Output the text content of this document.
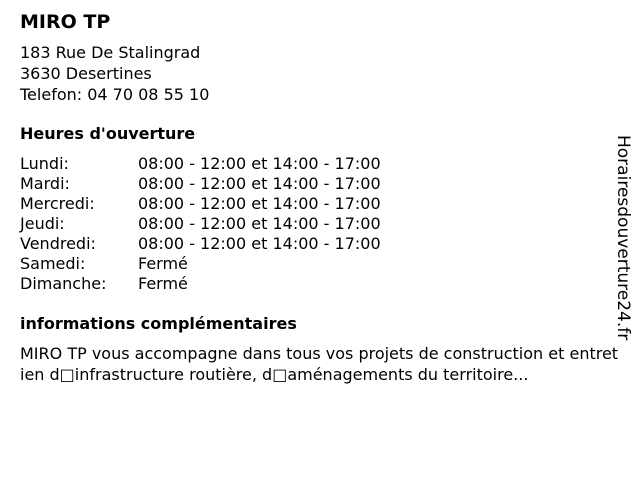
MIRO TP
183 Rue De Stalingrad
3630 Desertines
Telefon: 04 70 08 55 10
Heures d'ouverture
Lundi:	08:00 - 12:00 et 14:00 - 17:00
Mardi:	08:00 - 12:00 et 14:00 - 17:00
Mercredi:	08:00 - 12:00 et 14:00 - 17:00
Jeudi:	08:00 - 12:00 et 14:00 - 17:00
Vendredi:	08:00 - 12:00 et 14:00 - 17:00
Samedi:	Fermé
Dimanche: Fermé
informations complémentaires
MIRO TP vous accompagne dans tous vos projets de construction et entretien d□infrastructure routière, d□aménagements du territoire...
Horairesdouverture24.fr
